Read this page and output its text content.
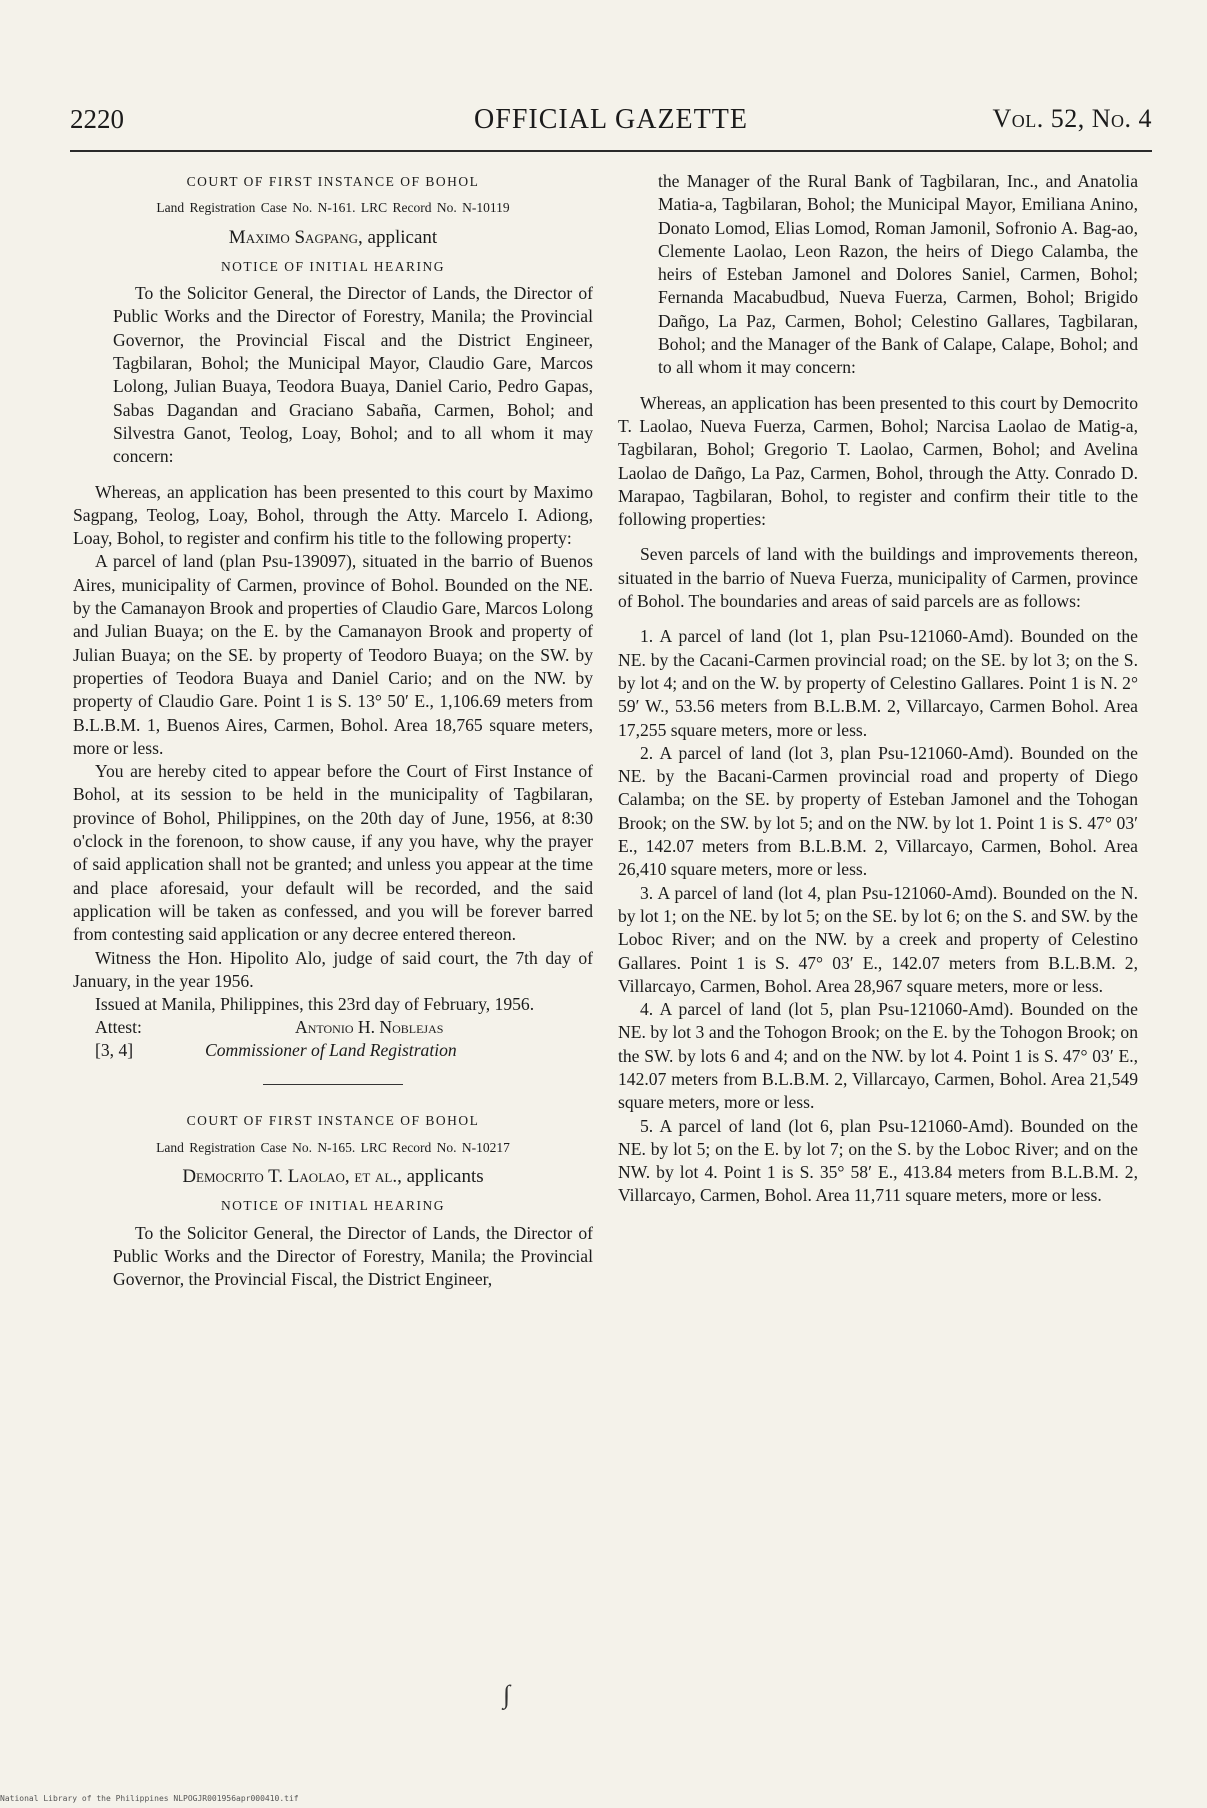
2220	OFFICIAL GAZETTE	Vol. 52, No. 4
COURT OF FIRST INSTANCE OF BOHOL
Land Registration Case No. N-161. LRC Record No. N-10119
Maximo Sagpang, applicant
NOTICE OF INITIAL HEARING

To the Solicitor General, the Director of Lands, the Director of Public Works and the Director of Forestry, Manila; the Provincial Governor, the Provincial Fiscal and the District Engineer, Tagbilaran, Bohol; the Municipal Mayor, Claudio Gare, Marcos Lolong, Julian Buaya, Teodora Buaya, Daniel Cario, Pedro Gapas, Sabas Dagandan and Graciano Sabaña, Carmen, Bohol; and Silvestra Ganot, Teolog, Loay, Bohol; and to all whom it may concern:

Whereas, an application has been presented to this court by Maximo Sagpang, Teolog, Loay, Bohol, through the Atty. Marcelo I. Adiong, Loay, Bohol, to register and confirm his title to the following property:

A parcel of land (plan Psu-139097), situated in the barrio of Buenos Aires, municipality of Carmen, province of Bohol. Bounded on the NE. by the Camanayon Brook and properties of Claudio Gare, Marcos Lolong and Julian Buaya; on the E. by the Camanayon Brook and property of Julian Buaya; on the SE. by property of Teodoro Buaya; on the SW. by properties of Teodora Buaya and Daniel Cario; and on the NW. by property of Claudio Gare. Point 1 is S. 13° 50′ E., 1,106.69 meters from B.L.B.M. 1, Buenos Aires, Carmen, Bohol. Area 18,765 square meters, more or less.

You are hereby cited to appear before the Court of First Instance of Bohol, at its session to be held in the municipality of Tagbilaran, province of Bohol, Philippines, on the 20th day of June, 1956, at 8:30 o'clock in the forenoon, to show cause, if any you have, why the prayer of said application shall not be granted; and unless you appear at the time and place aforesaid, your default will be recorded, and the said application will be taken as confessed, and you will be forever barred from contesting said application or any decree entered thereon.

Witness the Hon. Hipolito Alo, judge of said court, the 7th day of January, in the year 1956.

Issued at Manila, Philippines, this 23rd day of February, 1956.

Attest:	Antonio H. Noblejas
[3, 4]	Commissioner of Land Registration
COURT OF FIRST INSTANCE OF BOHOL
Land Registration Case No. N-165. LRC Record No. N-10217
Democrito T. Laolao, et al., applicants
NOTICE OF INITIAL HEARING

To the Solicitor General, the Director of Lands, the Director of Public Works and the Director of Forestry, Manila; the Provincial Governor, the Provincial Fiscal, the District Engineer,

the Manager of the Rural Bank of Tagbilaran, Inc., and Anatolia Matia-a, Tagbilaran, Bohol; the Municipal Mayor, Emiliana Anino, Donato Lomod, Elias Lomod, Roman Jamonil, Sofronio A. Bag-ao, Clemente Laolao, Leon Razon, the heirs of Diego Calamba, the heirs of Esteban Jamonel and Dolores Saniel, Carmen, Bohol; Fernanda Macabudbud, Nueva Fuerza, Carmen, Bohol; Brigido Dañgo, La Paz, Carmen, Bohol; Celestino Gallares, Tagbilaran, Bohol; and the Manager of the Bank of Calape, Calape, Bohol; and to all whom it may concern:

Whereas, an application has been presented to this court by Democrito T. Laolao, Nueva Fuerza, Carmen, Bohol; Narcisa Laolao de Matig-a, Tagbilaran, Bohol; Gregorio T. Laolao, Carmen, Bohol; and Avelina Laolao de Dañgo, La Paz, Carmen, Bohol, through the Atty. Conrado D. Marapao, Tagbilaran, Bohol, to register and confirm their title to the following properties:

Seven parcels of land with the buildings and improvements thereon, situated in the barrio of Nueva Fuerza, municipality of Carmen, province of Bohol. The boundaries and areas of said parcels are as follows:

1. A parcel of land (lot 1, plan Psu-121060-Amd). Bounded on the NE. by the Cacani-Carmen provincial road; on the SE. by lot 3; on the S. by lot 4; and on the W. by property of Celestino Gallares. Point 1 is N. 2° 59′ W., 53.56 meters from B.L.B.M. 2, Villarcayo, Carmen Bohol. Area 17,255 square meters, more or less.

2. A parcel of land (lot 3, plan Psu-121060-Amd). Bounded on the NE. by the Bacani-Carmen provincial road and property of Diego Calamba; on the SE. by property of Esteban Jamonel and the Tohogan Brook; on the SW. by lot 5; and on the NW. by lot 1. Point 1 is S. 47° 03′ E., 142.07 meters from B.L.B.M. 2, Villarcayo, Carmen, Bohol. Area 26,410 square meters, more or less.

3. A parcel of land (lot 4, plan Psu-121060-Amd). Bounded on the N. by lot 1; on the NE. by lot 5; on the SE. by lot 6; on the S. and SW. by the Loboc River; and on the NW. by a creek and property of Celestino Gallares. Point 1 is S. 47° 03′ E., 142.07 meters from B.L.B.M. 2, Villarcayo, Carmen, Bohol. Area 28,967 square meters, more or less.

4. A parcel of land (lot 5, plan Psu-121060-Amd). Bounded on the NE. by lot 3 and the Tohogon Brook; on the E. by the Tohogon Brook; on the SW. by lots 6 and 4; and on the NW. by lot 4. Point 1 is S. 47° 03′ E., 142.07 meters from B.L.B.M. 2, Villarcayo, Carmen, Bohol. Area 21,549 square meters, more or less.

5. A parcel of land (lot 6, plan Psu-121060-Amd). Bounded on the NE. by lot 5; on the E. by lot 7; on the S. by the Loboc River; and on the NW. by lot 4. Point 1 is S. 35° 58′ E., 413.84 meters from B.L.B.M. 2, Villarcayo, Carmen, Bohol. Area 11,711 square meters, more or less.

∫
National Library of the Philippines NLPOGJR001956apr000410.tif
